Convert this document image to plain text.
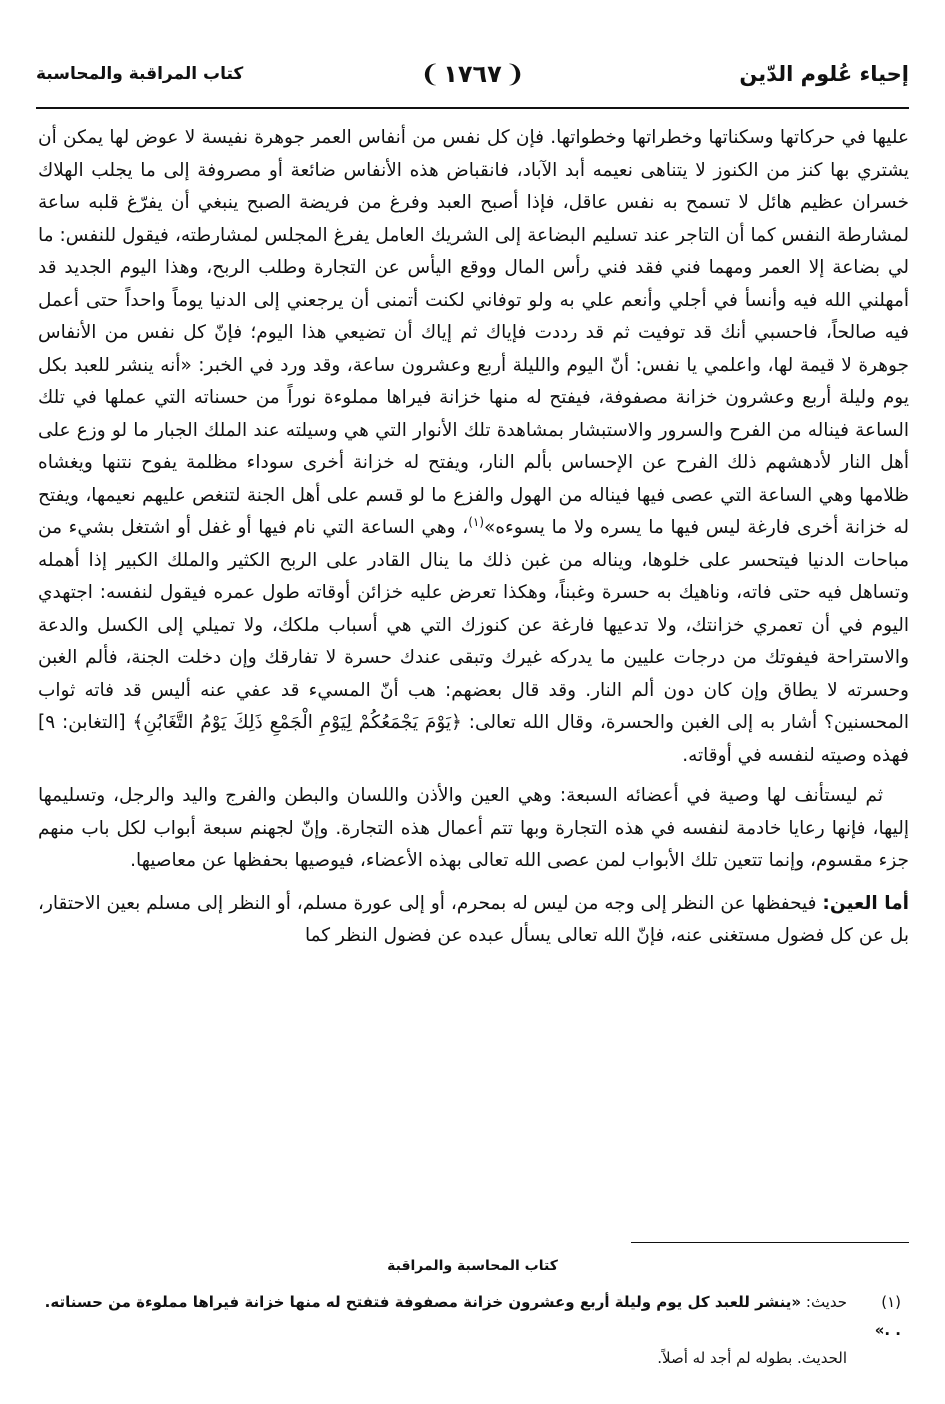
إحياء عُلوم الدّين
❨١٧٦٧❩
كتاب المراقبة والمحاسبة

عليها في حركاتها وسكناتها وخطراتها وخطواتها. فإن كل نفس من أنفاس العمر جوهرة نفيسة لا عوض لها يمكن أن يشتري بها كنز من الكنوز لا يتناهى نعيمه أبد الآباد، فانقباض هذه الأنفاس ضائعة أو مصروفة إلى ما يجلب الهلاك خسران عظيم هائل لا تسمح به نفس عاقل، فإذا أصبح العبد وفرغ من فريضة الصبح ينبغي أن يفرّغ قلبه ساعة لمشارطة النفس كما أن التاجر عند تسليم البضاعة إلى الشريك العامل يفرغ المجلس لمشارطته، فيقول للنفس: ما لي بضاعة إلا العمر ومهما فني فقد فني رأس المال ووقع اليأس عن التجارة وطلب الربح، وهذا اليوم الجديد قد أمهلني الله فيه وأنسأ في أجلي وأنعم علي به ولو توفاني لكنت أتمنى أن يرجعني إلى الدنيا يوماً واحداً حتى أعمل فيه صالحاً، فاحسبي أنك قد توفيت ثم قد رددت فإياك ثم إياك أن تضيعي هذا اليوم؛ فإنّ كل نفس من الأنفاس جوهرة لا قيمة لها، واعلمي يا نفس: أنّ اليوم والليلة أربع وعشرون ساعة، وقد ورد في الخبر: «أنه ينشر للعبد بكل يوم وليلة أربع وعشرون خزانة مصفوفة، فيفتح له منها خزانة فيراها مملوءة نوراً من حسناته التي عملها في تلك الساعة فيناله من الفرح والسرور والاستبشار بمشاهدة تلك الأنوار التي هي وسيلته عند الملك الجبار ما لو وزع على أهل النار لأدهشهم ذلك الفرح عن الإحساس بألم النار، ويفتح له خزانة أخرى سوداء مظلمة يفوح نتنها ويغشاه ظلامها وهي الساعة التي عصى فيها فيناله من الهول والفزع ما لو قسم على أهل الجنة لتنغص عليهم نعيمها، ويفتح له خزانة أخرى فارغة ليس فيها ما يسره ولا ما يسوءه»$^{(١)}$، وهي الساعة التي نام فيها أو غفل أو اشتغل بشيء من مباحات الدنيا فيتحسر على خلوها، ويناله من غبن ذلك ما ينال القادر على الربح الكثير والملك الكبير إذا أهمله وتساهل فيه حتى فاته، وناهيك به حسرة وغبناً، وهكذا تعرض عليه خزائن أوقاته طول عمره فيقول لنفسه: اجتهدي اليوم في أن تعمري خزانتك، ولا تدعيها فارغة عن كنوزك التي هي أسباب ملكك، ولا تميلي إلى الكسل والدعة والاستراحة فيفوتك من درجات عليين ما يدركه غيرك وتبقى عندك حسرة لا تفارقك وإن دخلت الجنة، فألم الغبن وحسرته لا يطاق وإن كان دون ألم النار. وقد قال بعضهم: هب أنّ المسيء قد عفي عنه أليس قد فاته ثواب المحسنين؟ أشار به إلى الغبن والحسرة، وقال الله تعالى: ﴿يَوْمَ يَجْمَعُكُمْ لِيَوْمِ الْجَمْعِ ذَلِكَ يَوْمُ التَّغَابُنِ﴾ [التغابن: ٩] فهذه وصيته لنفسه في أوقاته.

ثم ليستأنف لها وصية في أعضائه السبعة: وهي العين والأذن واللسان والبطن والفرج واليد والرجل، وتسليمها إليها، فإنها رعايا خادمة لنفسه في هذه التجارة وبها تتم أعمال هذه التجارة. وإنّ لجهنم سبعة أبواب لكل باب منهم جزء مقسوم، وإنما تتعين تلك الأبواب لمن عصى الله تعالى بهذه الأعضاء، فيوصيها بحفظها عن معاصيها.

أما العين: فيحفظها عن النظر إلى وجه من ليس له بمحرم، أو إلى عورة مسلم، أو النظر إلى مسلم بعين الاحتقار، بل عن كل فضول مستغنى عنه، فإنّ الله تعالى يسأل عبده عن فضول النظر كما

كتاب المحاسبة والمراقبة
(١)حديث: «ينشر للعبد كل يوم وليلة أربع وعشرون خزانة مصفوفة فتفتح له منها خزانة فيراها مملوءة من حسناته. . .»
الحديث. بطوله لم أجد له أصلاً.
